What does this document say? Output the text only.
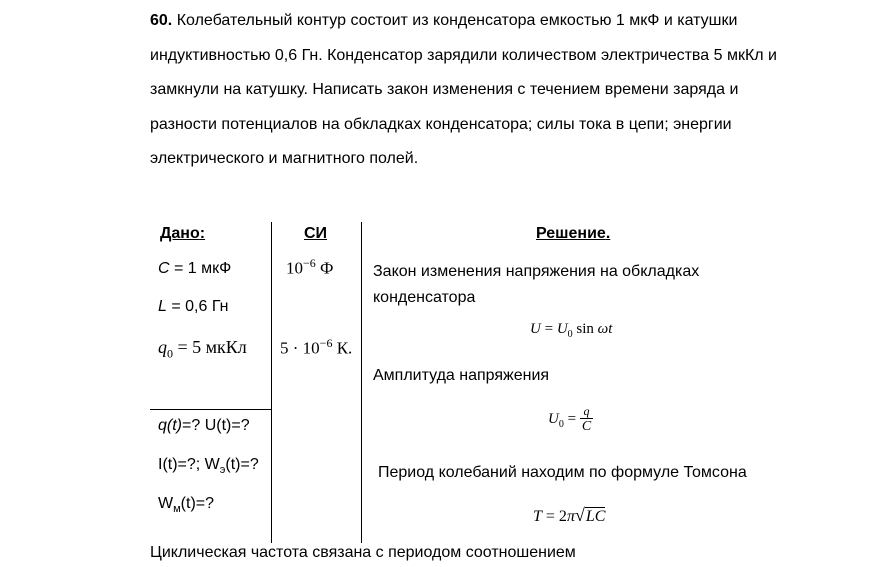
60. Колебательный контур состоит из конденсатора емкостью 1 мкФ и катушки индуктивностью 0,6 Гн. Конденсатор зарядили количеством электричества 5 мкКл и замкнули на катушку. Написать закон изменения с течением времени заряда и разности потенциалов на обкладках конденсатора; силы тока в цепи; энергии электрического и магнитного полей.

Дано:	СИ	Решение.
C = 1 мкФ
L = 0,6 Гн
$q_0 = 5$ мкКл
$10^{-6}$ Ф
$5 \cdot 10^{-6}$ К.
q(t)=? U(t)=?
I(t)=?; $W_э(t)=$?
$W_м(t)=$?
Закон изменения напряжения на обкладках конденсатора
$U = U_0$ sin ωt
Амплитуда напряжения
$U_0 = \frac{q}{C}$
Период колебаний находим по формуле Томсона
T = 2π√LC
Циклическая частота связана с периодом соотношением
